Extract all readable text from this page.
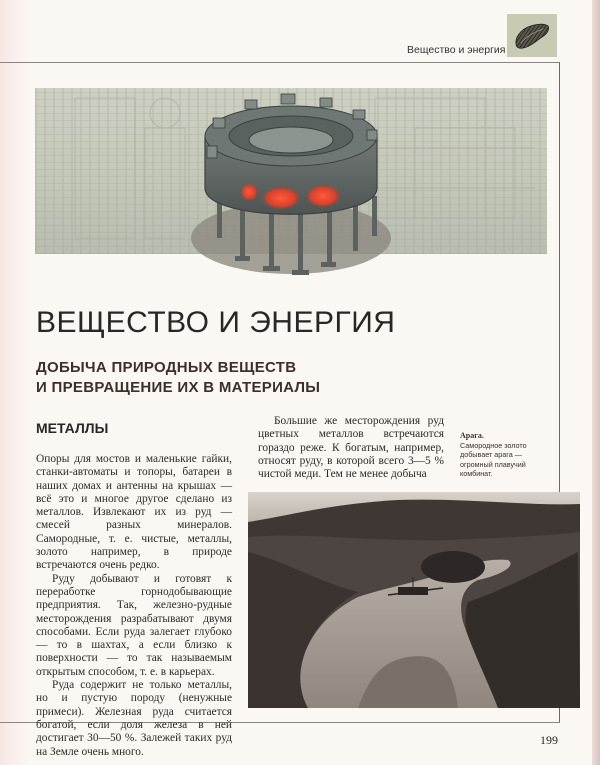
Вещество и энергия
ВЕЩЕСТВО И ЭНЕРГИЯ
ДОБЫЧА ПРИРОДНЫХ ВЕЩЕСТВ
И ПРЕВРАЩЕНИЕ ИХ В МАТЕРИАЛЫ
МЕТАЛЛЫ

Опоры для мостов и маленькие гайки, станки-автоматы и топоры, батареи в наших домах и антенны на крышах — всё это и многое другое сделано из металлов. Извлекают их из руд — смесей разных минералов. Самородные, т. е. чистые, металлы, золото например, в природе встречаются очень редко.

Руду добывают и готовят к переработке горнодобывающие предприятия. Так, железно-рудные месторождения разрабатывают двумя способами. Если руда залегает глубоко — то в шахтах, а если близко к поверхности — то так называемым открытым способом, т. е. в карьерах.

Руда содержит не только металлы, но и пустую породу (ненужные примеси). Железная руда считается богатой, если доля железа в ней достигает 30—50 %. Залежей таких руд на Земле очень много.

Большие же месторождения руд цветных металлов встречаются гораздо реже. К богатым, например, относят руду, в которой всего 3—5 % чистой меди. Тем не менее добыча

Арага.
Самородное золото добывает арага — огромный плавучий комбинат.
199
